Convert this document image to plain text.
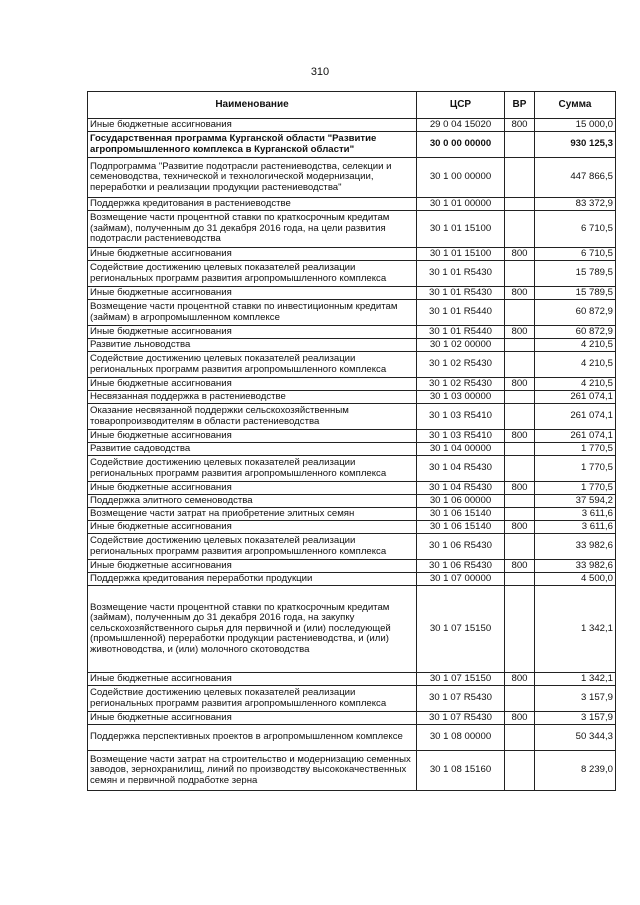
310
Наименование	ЦСР	ВР	Сумма
Иные бюджетные ассигнования	29 0 04 15020	800	15 000,0
Государственная программа Курганской области "Развитие агропромышленного комплекса в Курганской области"	30 0 00 00000		930 125,3
Подпрограмма "Развитие подотрасли растениеводства, селекции и семеноводства, технической и технологической модернизации, переработки и реализации продукции растениеводства"	30 1 00 00000		447 866,5
Поддержка кредитования в растениеводстве	30 1 01 00000		83 372,9
Возмещение части процентной ставки по краткосрочным кредитам (займам), полученным до 31 декабря 2016 года, на цели развития подотрасли растениеводства	30 1 01 15100		6 710,5
Иные бюджетные ассигнования	30 1 01 15100	800	6 710,5
Содействие достижению целевых показателей реализации региональных программ развития агропромышленного комплекса	30 1 01 R5430		15 789,5
Иные бюджетные ассигнования	30 1 01 R5430	800	15 789,5
Возмещение части процентной ставки по инвестиционным кредитам (займам) в агропромышленном комплексе	30 1 01 R5440		60 872,9
Иные бюджетные ассигнования	30 1 01 R5440	800	60 872,9
Развитие льноводства	30 1 02 00000		4 210,5
Содействие достижению целевых показателей реализации региональных программ развития агропромышленного комплекса	30 1 02 R5430		4 210,5
Иные бюджетные ассигнования	30 1 02 R5430	800	4 210,5
Несвязанная поддержка в растениеводстве	30 1 03 00000		261 074,1
Оказание несвязанной поддержки сельскохозяйственным товаропроизводителям в области растениеводства	30 1 03 R5410		261 074,1
Иные бюджетные ассигнования	30 1 03 R5410	800	261 074,1
Развитие садоводства	30 1 04 00000		1 770,5
Содействие достижению целевых показателей реализации региональных программ развития агропромышленного комплекса	30 1 04 R5430		1 770,5
Иные бюджетные ассигнования	30 1 04 R5430	800	1 770,5
Поддержка элитного семеноводства	30 1 06 00000		37 594,2
Возмещение части затрат на приобретение элитных семян	30 1 06 15140		3 611,6
Иные бюджетные ассигнования	30 1 06 15140	800	3 611,6
Содействие достижению целевых показателей реализации региональных программ развития агропромышленного комплекса	30 1 06 R5430		33 982,6
Иные бюджетные ассигнования	30 1 06 R5430	800	33 982,6
Поддержка кредитования переработки продукции	30 1 07 00000		4 500,0
Возмещение части процентной ставки по краткосрочным кредитам (займам), полученным до 31 декабря 2016 года, на закупку сельскохозяйственного сырья для первичной и (или) последующей (промышленной) переработки продукции растениеводства, и (или) животноводства, и (или) молочного скотоводства	30 1 07 15150		1 342,1
Иные бюджетные ассигнования	30 1 07 15150	800	1 342,1
Содействие достижению целевых показателей реализации региональных программ развития агропромышленного комплекса	30 1 07 R5430		3 157,9
Иные бюджетные ассигнования	30 1 07 R5430	800	3 157,9
Поддержка перспективных проектов в агропромышленном комплексе	30 1 08 00000		50 344,3
Возмещение части затрат на строительство и модернизацию семенных заводов, зернохранилищ, линий по производству высококачественных семян и первичной подработке зерна	30 1 08 15160		8 239,0
